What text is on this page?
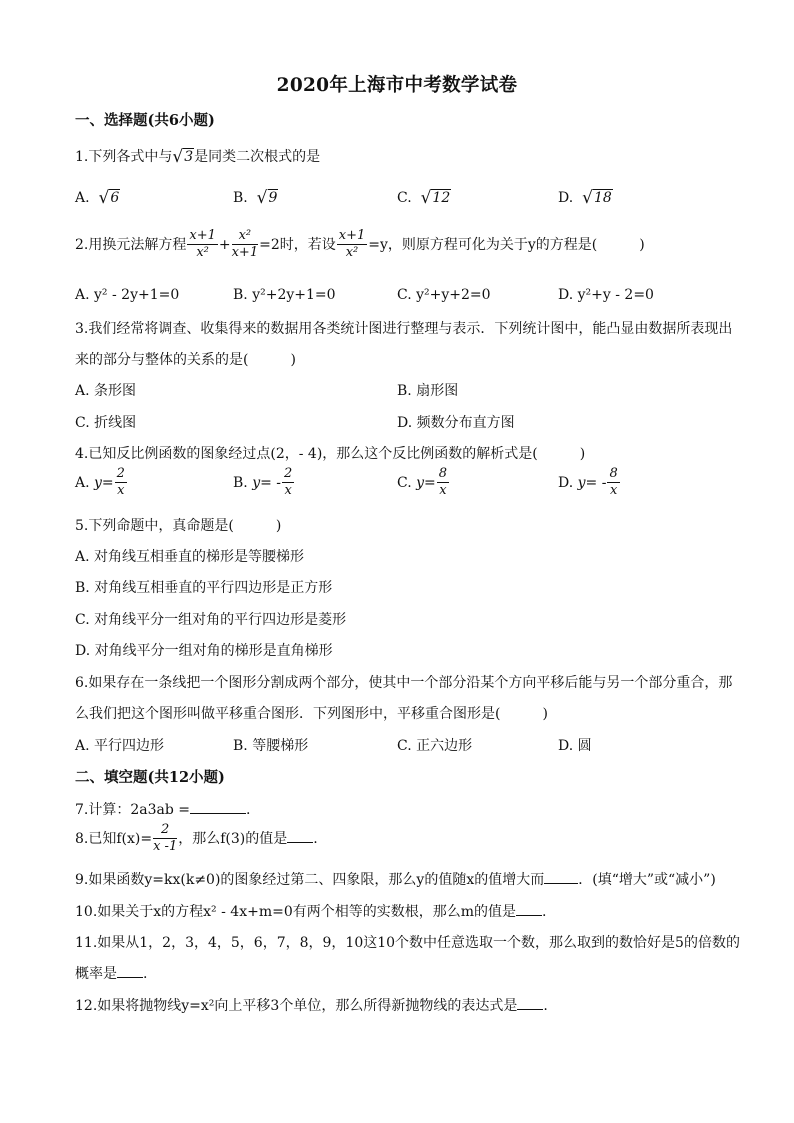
2020年上海市中考数学试卷
一、选择题(共6小题)
1.下列各式中与√3是同类二次根式的是
A. √6	B. √9	C. √12	D. √18
2.用换元法解方程 $\frac{x+1}{\text{x²}} + \frac{\text{x²}}{x+1} =2$时，若设 $\frac{x+1}{\text{x²}} =y$，则原方程可化为关于y的方程是(　　　)
A. y² - 2y+1=0	B. y²+2y+1=0	C. y²+y+2=0	D. y²+y - 2=0
3.我们经常将调查、收集得来的数据用各类统计图进行整理与表示．下列统计图中，能凸显由数据所表现出
来的部分与整体的关系的是(　　　)
A. 条形图	B. 扇形图
C. 折线图	D. 频数分布直方图
4.已知反比例函数的图象经过点(2，- 4)，那么这个反比例函数的解析式是(　　　)
A. $y= \frac{2}{x}$	B. $y= - \frac{2}{x}$	C. $y= \frac{8}{x}$	D. $y= - \frac{8}{x}$
5.下列命题中，真命题是(　　　)
A. 对角线互相垂直的梯形是等腰梯形
B. 对角线互相垂直的平行四边形是正方形
C. 对角线平分一组对角的平行四边形是菱形
D. 对角线平分一组对角的梯形是直角梯形
6.如果存在一条线把一个图形分割成两个部分，使其中一个部分沿某个方向平移后能与另一个部分重合，那
么我们把这个图形叫做平移重合图形．下列图形中，平移重合图形是(　　　)
A. 平行四边形	B. 等腰梯形	C. 正六边形	D. 圆
二、填空题(共12小题)
7.计算：2a3ab =	.
8.已知$f(x)= \frac{2}{x -1}$ ，那么f(3)的值是 .
9.如果函数y=kx(k≠0)的图象经过第二、四象限，那么y的值随x的值增大而 ．(填“增大”或“减小”)
10.如果关于x的方程x² - 4x+m=0有两个相等的实数根，那么m的值是 .
11.如果从1，2，3，4，5，6，7，8，9，10这10个数中任意选取一个数，那么取到的数恰好是5的倍数的
概率是 .
12.如果将抛物线y=x²向上平移3个单位，那么所得新抛物线的表达式是 .
